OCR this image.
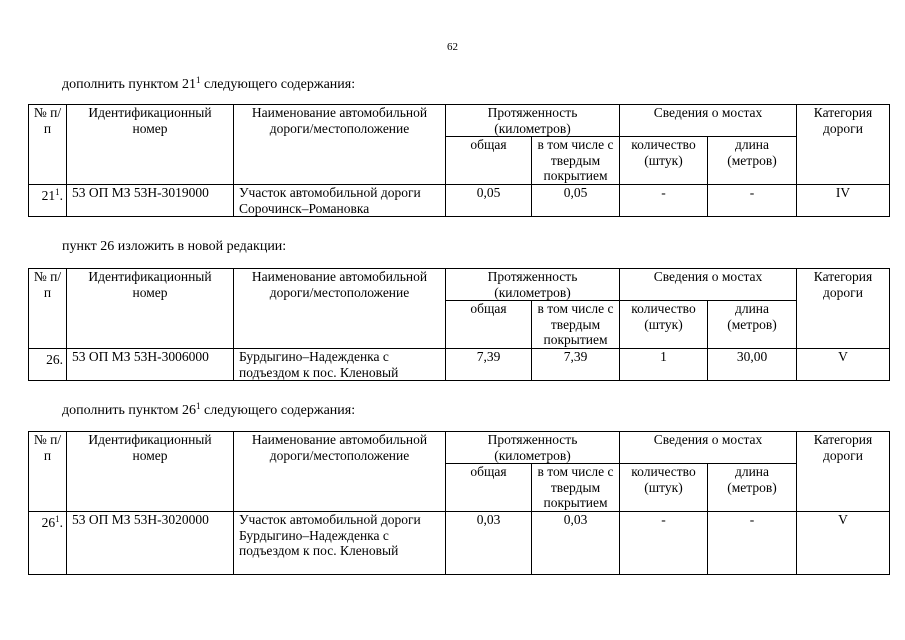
62
дополнить пунктом $21^1$ следующего содержания:
№ п/п	Идентификационный номер	Наименование автомобильной дороги/местоположение	Протяженность (километров)		Сведения о мостах		Категория дороги
			общая	в том числе с твердым покрытием	количество (штук)	длина (метров)	
$21^1$.	53 ОП МЗ 53Н-3019000	Участок автомобильной дороги Сорочинск–Романовка	0,05	0,05	-	-	IV
пункт 26 изложить в новой редакции:
№ п/п	Идентификационный номер	Наименование автомобильной дороги/местоположение	Протяженность (километров)		Сведения о мостах		Категория дороги
			общая	в том числе с твердым покрытием	количество (штук)	длина (метров)	
26.	53 ОП МЗ 53Н-3006000	Бурдыгино–Надежденка с подъездом к пос. Кленовый	7,39	7,39	1	30,00	V
дополнить пунктом $26^1$ следующего содержания:
№ п/п	Идентификационный номер	Наименование автомобильной дороги/местоположение	Протяженность (километров)		Сведения о мостах		Категория дороги
			общая	в том числе с твердым покрытием	количество (штук)	длина (метров)	
$26^1$.	53 ОП МЗ 53Н-3020000	Участок автомобильной дороги Бурдыгино–Надежденка с подъездом к пос. Кленовый	0,03	0,03	-	-	V
